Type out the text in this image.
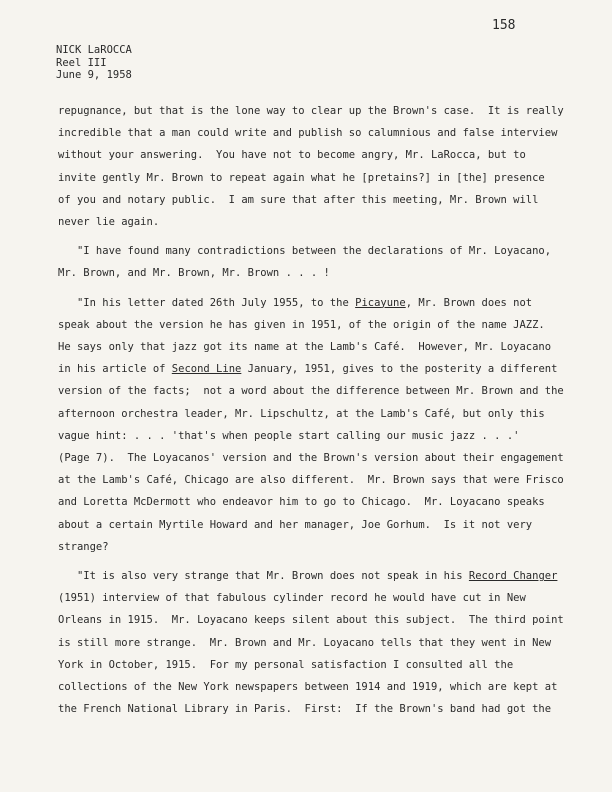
158
NICK LaROCCA
Reel III
June 9, 1958
repugnance, but that is the lone way to clear up the Brown's case.  It is really
incredible that a man could write and publish so calumnious and false interview
without your answering.  You have not to become angry, Mr. LaRocca, but to
invite gently Mr. Brown to repeat again what he [pretains?] in [the] presence
of you and notary public.  I am sure that after this meeting, Mr. Brown will
never lie again.
"I have found many contradictions between the declarations of Mr. Loyacano,
Mr. Brown, and Mr. Brown, Mr. Brown . . . !
"In his letter dated 26th July 1955, to the Picayune, Mr. Brown does not
speak about the version he has given in 1951, of the origin of the name JAZZ.
He says only that jazz got its name at the Lamb's Café.  However, Mr. Loyacano
in his article of Second Line January, 1951, gives to the posterity a different
version of the facts;  not a word about the difference between Mr. Brown and the
afternoon orchestra leader, Mr. Lipschultz, at the Lamb's Café, but only this
vague hint: . . . 'that's when people start calling our music jazz . . .'
(Page 7).  The Loyacanos' version and the Brown's version about their engagement
at the Lamb's Café, Chicago are also different.  Mr. Brown says that were Frisco
and Loretta McDermott who endeavor him to go to Chicago.  Mr. Loyacano speaks
about a certain Myrtile Howard and her manager, Joe Gorhum.  Is it not very
strange?
"It is also very strange that Mr. Brown does not speak in his Record Changer
(1951) interview of that fabulous cylinder record he would have cut in New
Orleans in 1915.  Mr. Loyacano keeps silent about this subject.  The third point
is still more strange.  Mr. Brown and Mr. Loyacano tells that they went in New
York in October, 1915.  For my personal satisfaction I consulted all the
collections of the New York newspapers between 1914 and 1919, which are kept at
the French National Library in Paris.  First:  If the Brown's band had got the
